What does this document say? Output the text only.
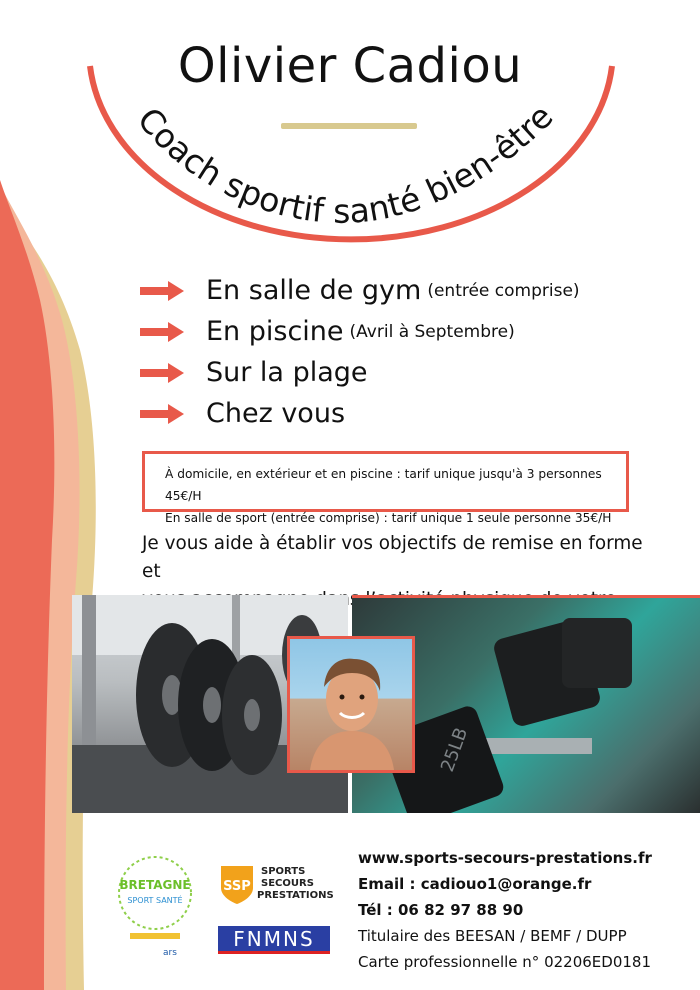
Coach sportif santé bien-être
Olivier Cadiou
En salle de gym (entrée comprise)
En piscine (Avril à Septembre)
Sur la plage
Chez vous
À domicile, en extérieur et en piscine : tarif unique jusqu'à 3 personnes 45€/H
En salle de sport (entrée comprise) : tarif unique 1 seule personne 35€/H
Je vous aide à établir vos objectifs de remise en forme et
25LB
BRETAGNE
SPORT SANTÉ
ars
SSP
SPORTS
SECOURS
PRESTATIONS
FNMNS
www.sports-secours-prestations.fr
Email : cadiouo1@orange.fr
Tél : 06 82 97 88 90
Titulaire des BEESAN / BEMF / DUPP
Carte professionnelle n° 02206ED0181
